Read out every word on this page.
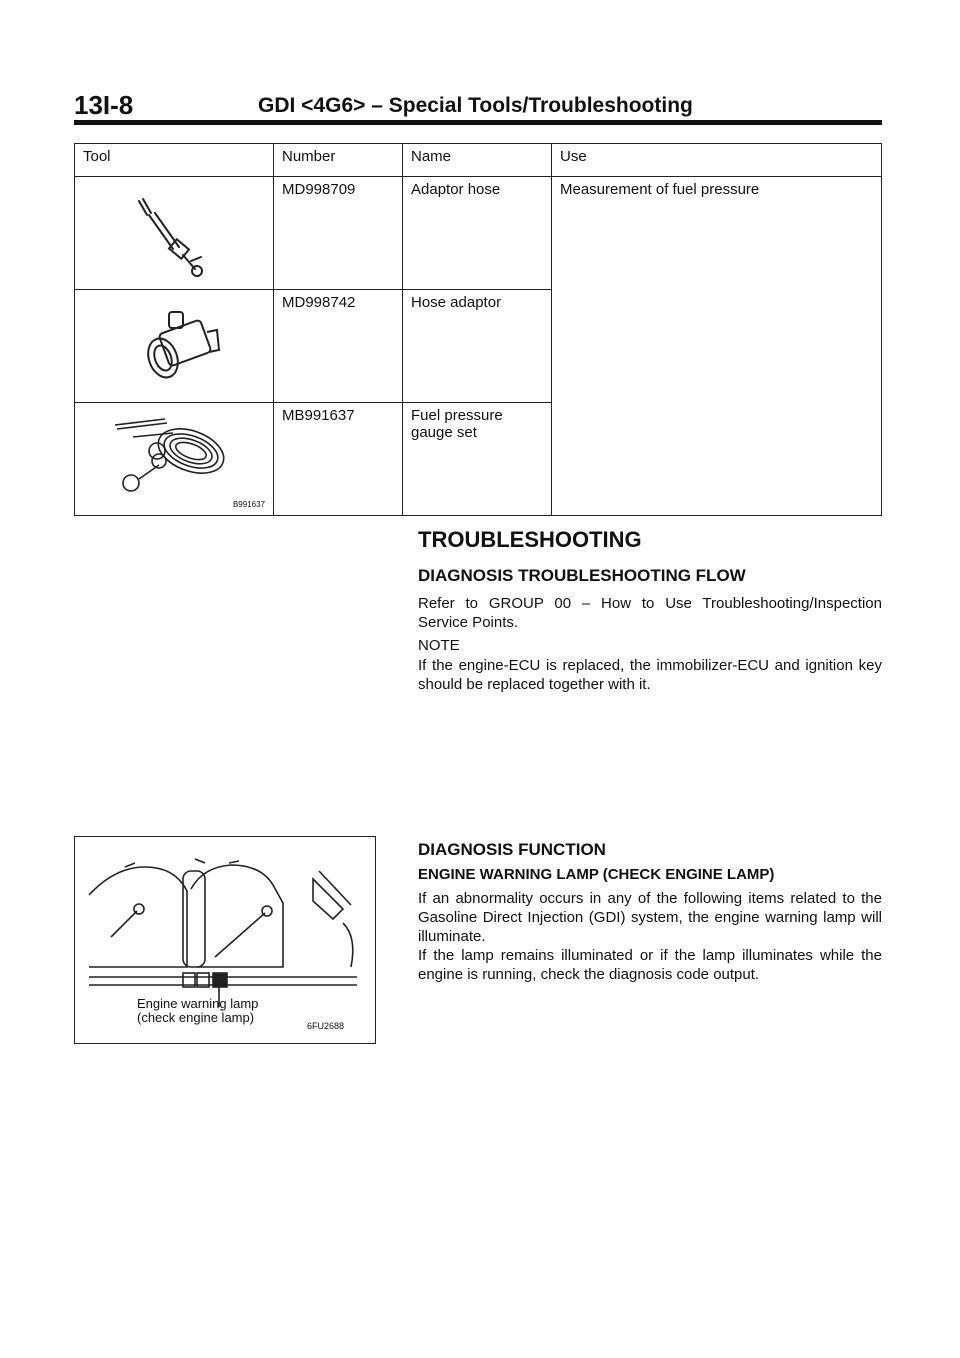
13I-8	GDI <4G6> – Special Tools/Troubleshooting
Tool	Number	Name	Use

	MD998709	Adaptor hose	Measurement of fuel pressure

	MD998742	Hose adaptor	

B991637	MB991637	Fuel pressure gauge set	
TROUBLESHOOTING
DIAGNOSIS TROUBLESHOOTING FLOW
Refer to GROUP 00 – How to Use Troubleshooting/Inspection Service Points.
NOTE
If the engine-ECU is replaced, the immobilizer-ECU and ignition key should be replaced together with it.
DIAGNOSIS FUNCTION
ENGINE WARNING LAMP (CHECK ENGINE LAMP)
If an abnormality occurs in any of the following items related to the Gasoline Direct Injection (GDI) system, the engine warning lamp will illuminate.
If the lamp remains illuminated or if the lamp illuminates while the engine is running, check the diagnosis code output.
Engine warning lamp
(check engine lamp)
6FU2688
